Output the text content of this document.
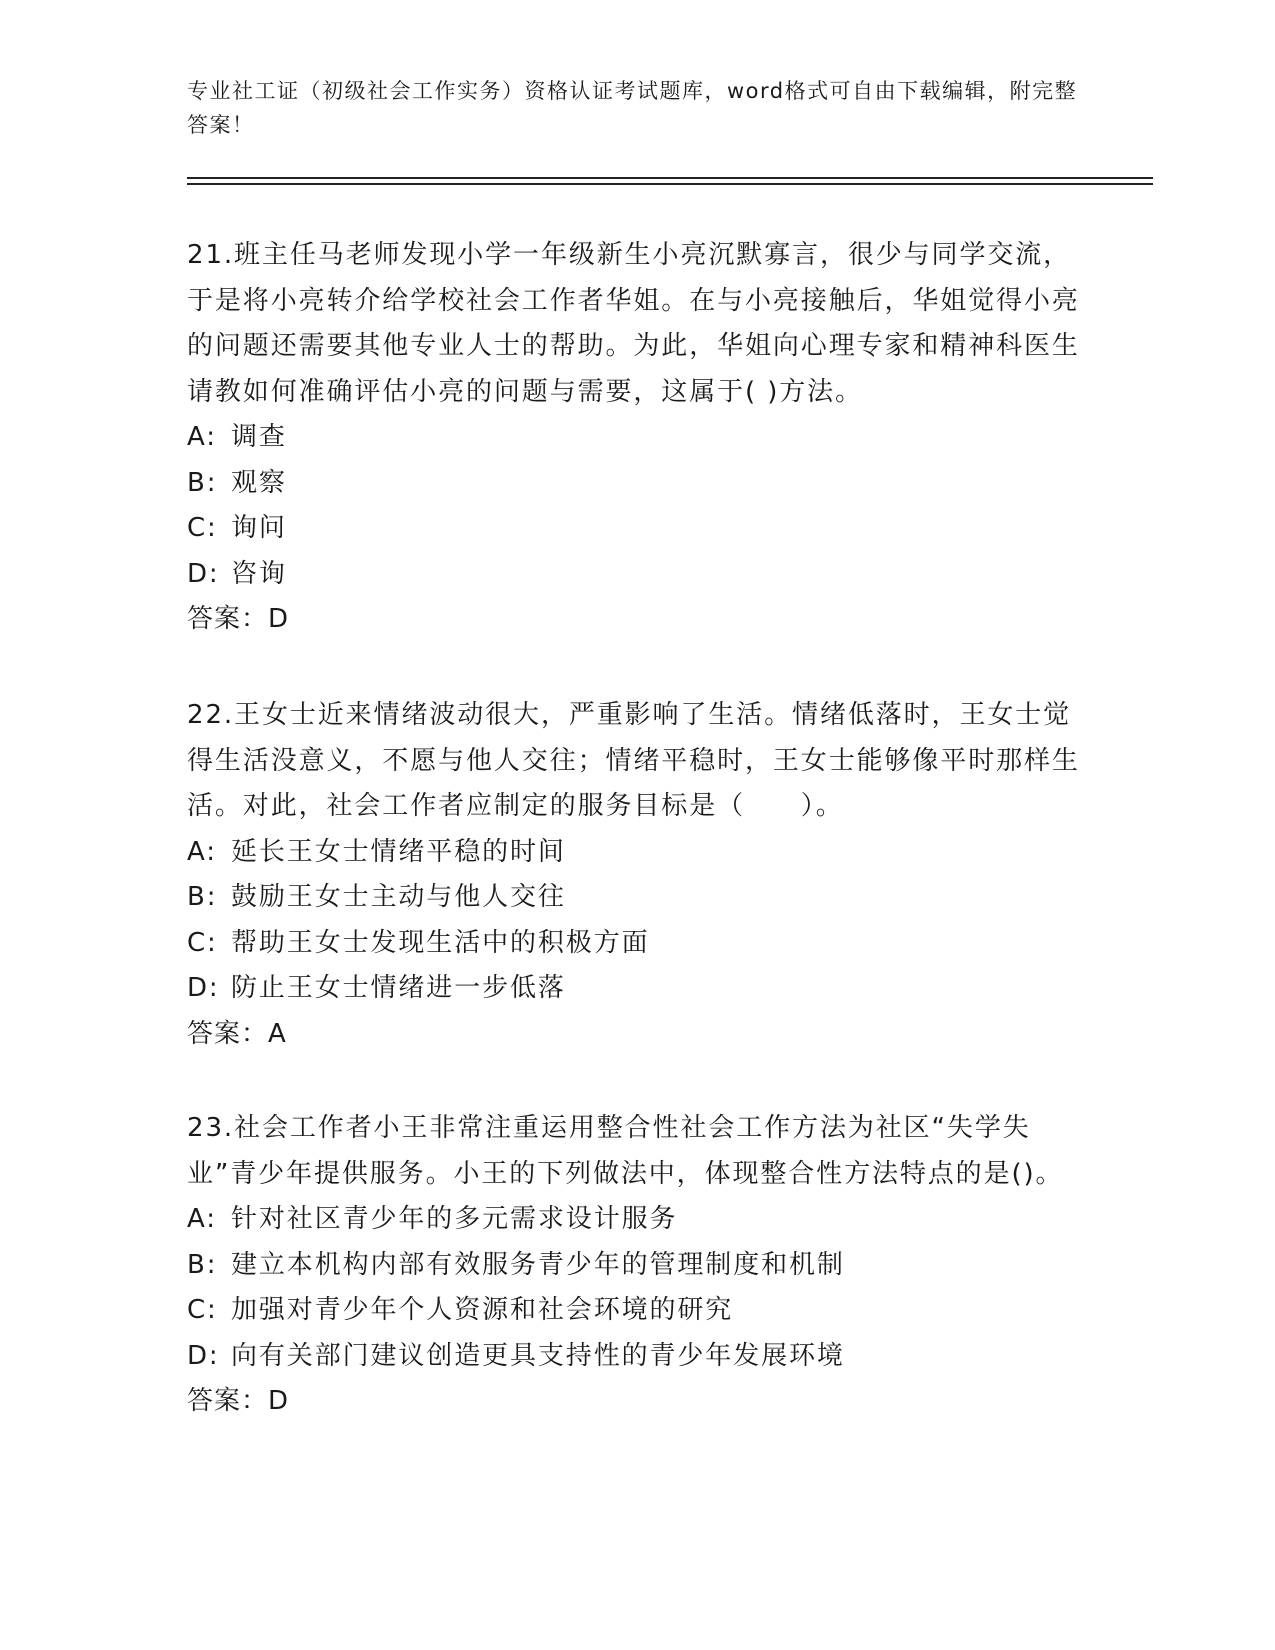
专业社工证（初级社会工作实务）资格认证考试题库，word格式可自由下载编辑，附完整答案！

21.班主任马老师发现小学一年级新生小亮沉默寡言，很少与同学交流，于是将小亮转介给学校社会工作者华姐。在与小亮接触后，华姐觉得小亮的问题还需要其他专业人士的帮助。为此，华姐向心理专家和精神科医生请教如何准确评估小亮的问题与需要，这属于( )方法。

A: 调查
B: 观察
C: 询问
D: 咨询
答案：D

22.王女士近来情绪波动很大，严重影响了生活。情绪低落时，王女士觉得生活没意义，不愿与他人交往；情绪平稳时，王女士能够像平时那样生活。对此，社会工作者应制定的服务目标是（　　）。

A: 延长王女士情绪平稳的时间
B: 鼓励王女士主动与他人交往
C: 帮助王女士发现生活中的积极方面
D: 防止王女士情绪进一步低落
答案：A

23.社会工作者小王非常注重运用整合性社会工作方法为社区“失学失业”青少年提供服务。小王的下列做法中，体现整合性方法特点的是()。

A: 针对社区青少年的多元需求设计服务
B: 建立本机构内部有效服务青少年的管理制度和机制
C: 加强对青少年个人资源和社会环境的研究
D: 向有关部门建议创造更具支持性的青少年发展环境
答案：D
